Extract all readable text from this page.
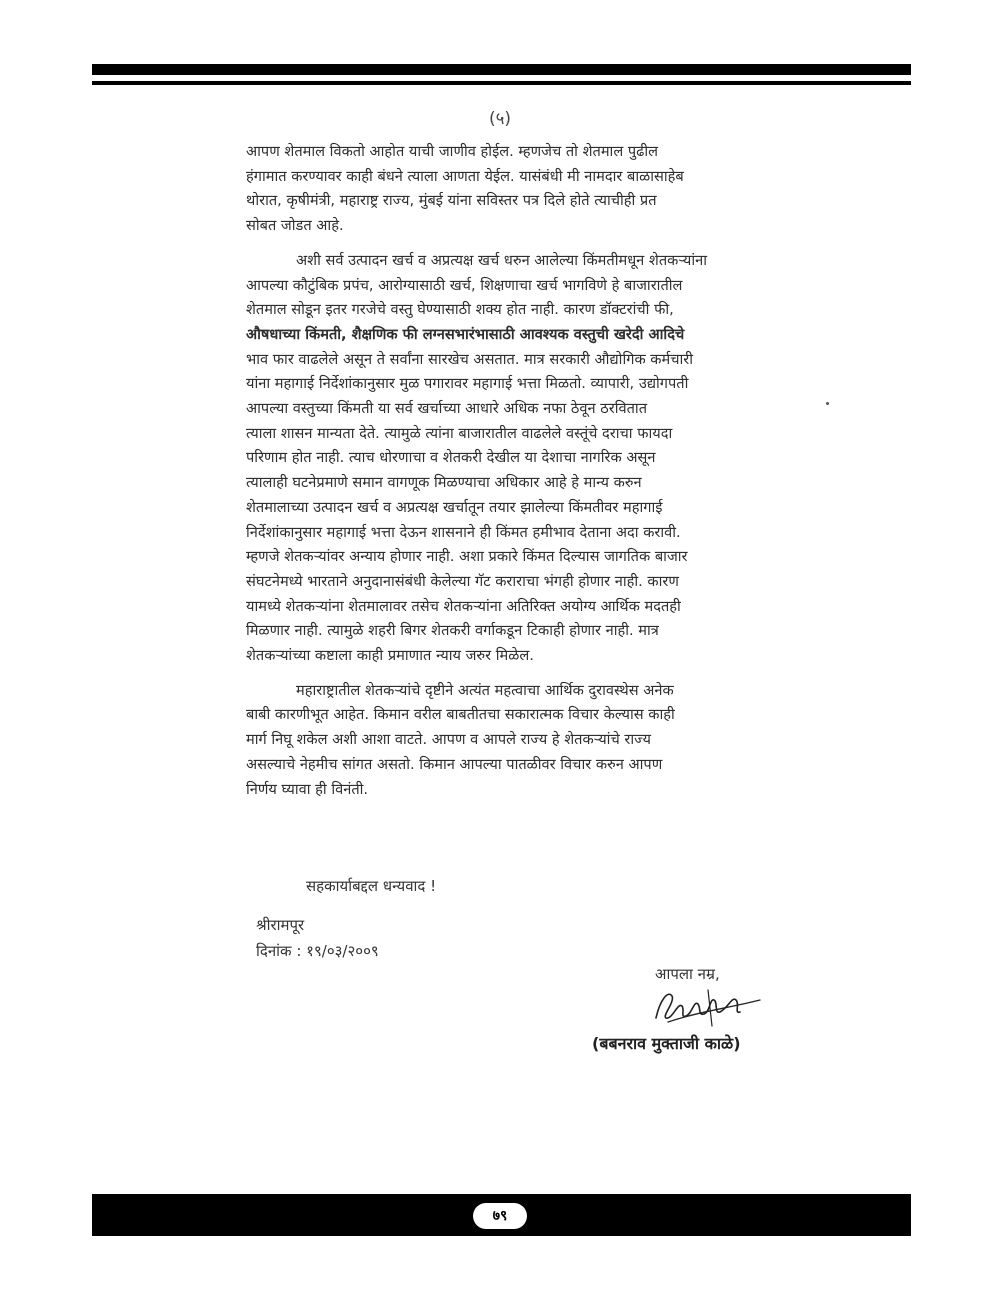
(५)

आपण शेतमाल विकतो आहोत याची जाणीव होईल. म्हणजेच तो शेतमाल पुढील
हंगामात करण्यावर काही बंधने त्याला आणता येईल. यासंबंधी मी नामदार बाळासाहेब
थोरात, कृषीमंत्री, महाराष्ट्र राज्य, मुंबई यांना सविस्तर पत्र दिले होते त्याचीही प्रत
सोबत जोडत आहे.

अशी सर्व उत्पादन खर्च व अप्रत्यक्ष खर्च धरुन आलेल्या किंमतीमधून शेतकऱ्यांना
आपल्या कौटुंबिक प्रपंच, आरोग्यासाठी खर्च, शिक्षणाचा खर्च भागविणे हे बाजारातील
शेतमाल सोडून इतर गरजेचे वस्तु घेण्यासाठी शक्य होत नाही. कारण डॉक्टरांची फी,
औषधाच्या किंमती, शैक्षणिक फी लग्नसभारंभासाठी आवश्यक वस्तुची खरेदी आदिचे
भाव फार वाढलेले असून ते सर्वांना सारखेच असतात. मात्र सरकारी औद्योगिक कर्मचारी
यांना महागाई निर्देशांकानुसार मुळ पगारावर महागाई भत्ता मिळतो. व्यापारी, उद्योगपती
आपल्या वस्तुच्या किंमती या सर्व खर्चाच्या आधारे अधिक नफा ठेवून ठरवितात
त्याला शासन मान्यता देते. त्यामुळे त्यांना बाजारातील वाढलेले वस्तूंचे दराचा फायदा
परिणाम होत नाही. त्याच धोरणाचा व शेतकरी देखील या देशाचा नागरिक असून
त्यालाही घटनेप्रमाणे समान वागणूक मिळण्याचा अधिकार आहे हे मान्य करुन
शेतमालाच्या उत्पादन खर्च व अप्रत्यक्ष खर्चातून तयार झालेल्या किंमतीवर महागाई
निर्देशांकानुसार महागाई भत्ता देऊन शासनाने ही किंमत हमीभाव देताना अदा करावी.
म्हणजे शेतकऱ्यांवर अन्याय होणार नाही. अशा प्रकारे किंमत दिल्यास जागतिक बाजार
संघटनेमध्ये भारताने अनुदानासंबंधी केलेल्या गॅट कराराचा भंगही होणार नाही. कारण
यामध्ये शेतकऱ्यांना शेतमालावर तसेच शेतकऱ्यांना अतिरिक्त अयोग्य आर्थिक मदतही
मिळणार नाही. त्यामुळे शहरी बिगर शेतकरी वर्गाकडून टिकाही होणार नाही. मात्र
शेतकऱ्यांच्या कष्टाला काही प्रमाणात न्याय जरुर मिळेल.

महाराष्ट्रातील शेतकऱ्यांचे दृष्टीने अत्यंत महत्वाचा आर्थिक दुरावस्थेस अनेक
बाबी कारणीभूत आहेत. किमान वरील बाबतीतचा सकारात्मक विचार केल्यास काही
मार्ग निघू शकेल अशी आशा वाटते. आपण व आपले राज्य हे शेतकऱ्यांचे राज्य
असल्याचे नेहमीच सांगत असतो. किमान आपल्या पातळीवर विचार करुन आपण
निर्णय घ्यावा ही विनंती.

सहकार्याबद्दल धन्यवाद !
श्रीरामपूर
दिनांक : १९/०३/२००९
आपला नम्र,
(बबनराव मुक्ताजी काळे)
७९
